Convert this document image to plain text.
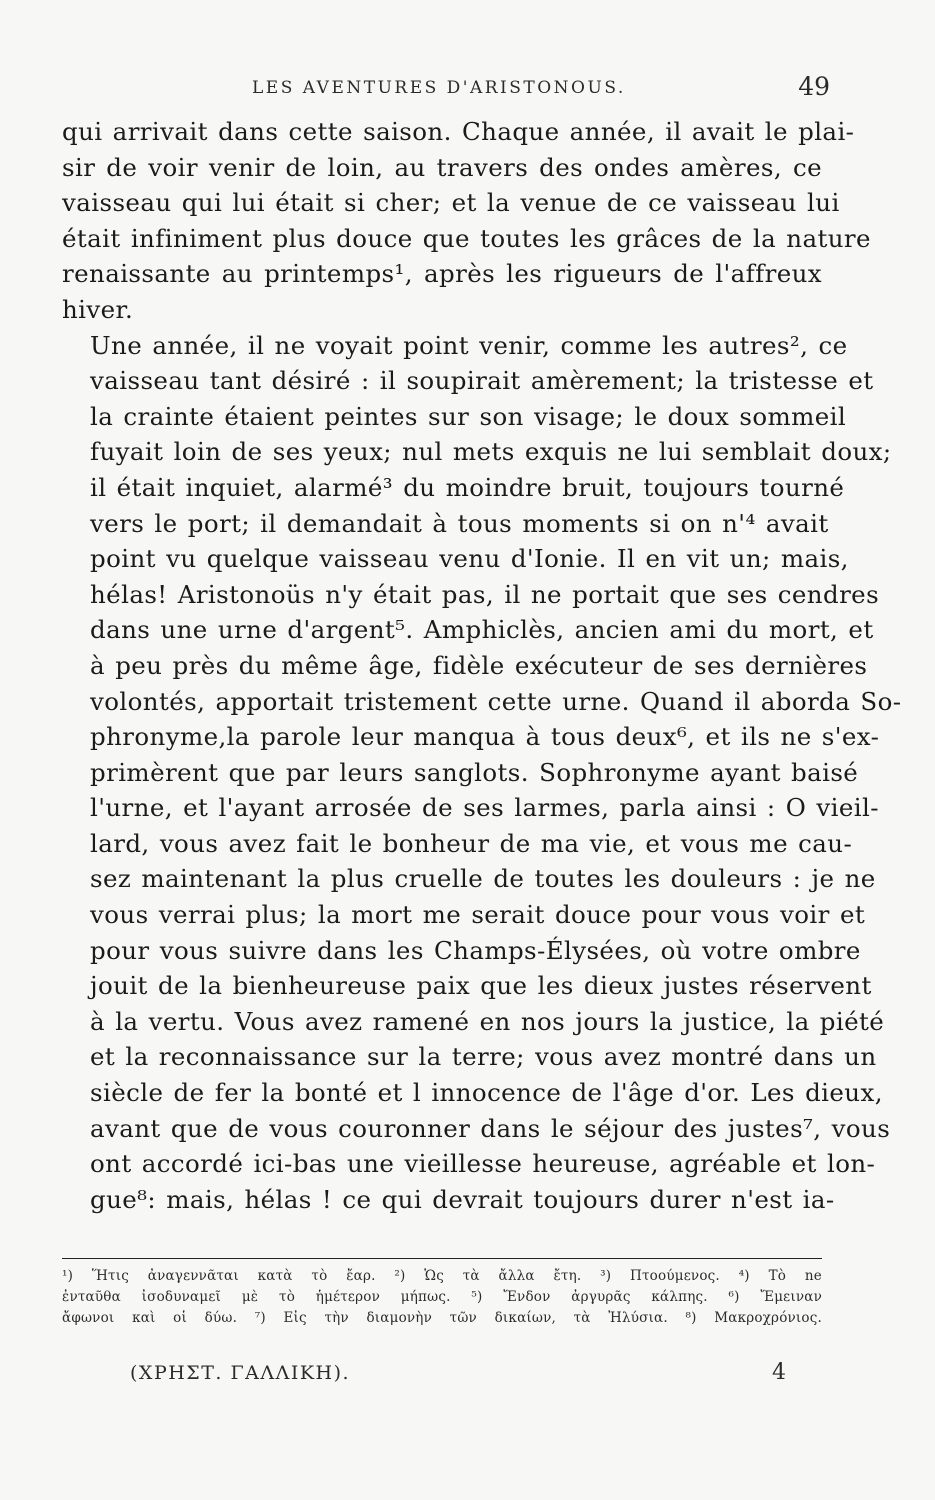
LES AVENTURES D'ARISTONOUS.	49

qui arrivait dans cette saison. Chaque année, il avait le plai-
sir de voir venir de loin, au travers des ondes amères, ce
vaisseau qui lui était si cher; et la venue de ce vaisseau lui
était infiniment plus douce que toutes les grâces de la nature
renaissante au printemps¹, après les rigueurs de l'affreux
hiver.

Une année, il ne voyait point venir, comme les autres², ce
vaisseau tant désiré : il soupirait amèrement; la tristesse et
la crainte étaient peintes sur son visage; le doux sommeil
fuyait loin de ses yeux; nul mets exquis ne lui semblait doux;
il était inquiet, alarmé³ du moindre bruit, toujours tourné
vers le port; il demandait à tous moments si on n'⁴ avait
point vu quelque vaisseau venu d'Ionie. Il en vit un; mais,
hélas! Aristonoüs n'y était pas, il ne portait que ses cendres
dans une urne d'argent⁵. Amphiclès, ancien ami du mort, et
à peu près du même âge, fidèle exécuteur de ses dernières
volontés, apportait tristement cette urne. Quand il aborda So-
phronyme,la parole leur manqua à tous deux⁶, et ils ne s'ex-
primèrent que par leurs sanglots. Sophronyme ayant baisé
l'urne, et l'ayant arrosée de ses larmes, parla ainsi : O vieil-
lard, vous avez fait le bonheur de ma vie, et vous me cau-
sez maintenant la plus cruelle de toutes les douleurs : je ne
vous verrai plus; la mort me serait douce pour vous voir et
pour vous suivre dans les Champs-Élysées, où votre ombre
jouit de la bienheureuse paix que les dieux justes réservent
à la vertu. Vous avez ramené en nos jours la justice, la piété
et la reconnaissance sur la terre; vous avez montré dans un
siècle de fer la bonté et l innocence de l'âge d'or. Les dieux,
avant que de vous couronner dans le séjour des justes⁷, vous
ont accordé ici-bas une vieillesse heureuse, agréable et lon-
gue⁸: mais, hélas ! ce qui devrait toujours durer n'est ia-

¹) Ἥτις ἀναγεννᾶται κατὰ τὸ ἔαρ. ²) Ὡς τὰ ἄλλα ἔτη. ³) Πτοούμενος. ⁴) Τὸ ne
ἐνταῦθα ἰσοδυναμεῖ μὲ τὸ ἡμέτερον μήπως. ⁵) Ἔνδον ἀργυρᾶς κάλπης. ⁶) Ἔμειναν
ἄφωνοι καὶ οἱ δύω. ⁷) Εἰς τὴν διαμονὴν τῶν δικαίων, τὰ Ἠλύσια. ⁸) Μακροχρόνιος.
(ΧΡΗΣΤ. ΓΑΛΛΙΚΗ).	4
